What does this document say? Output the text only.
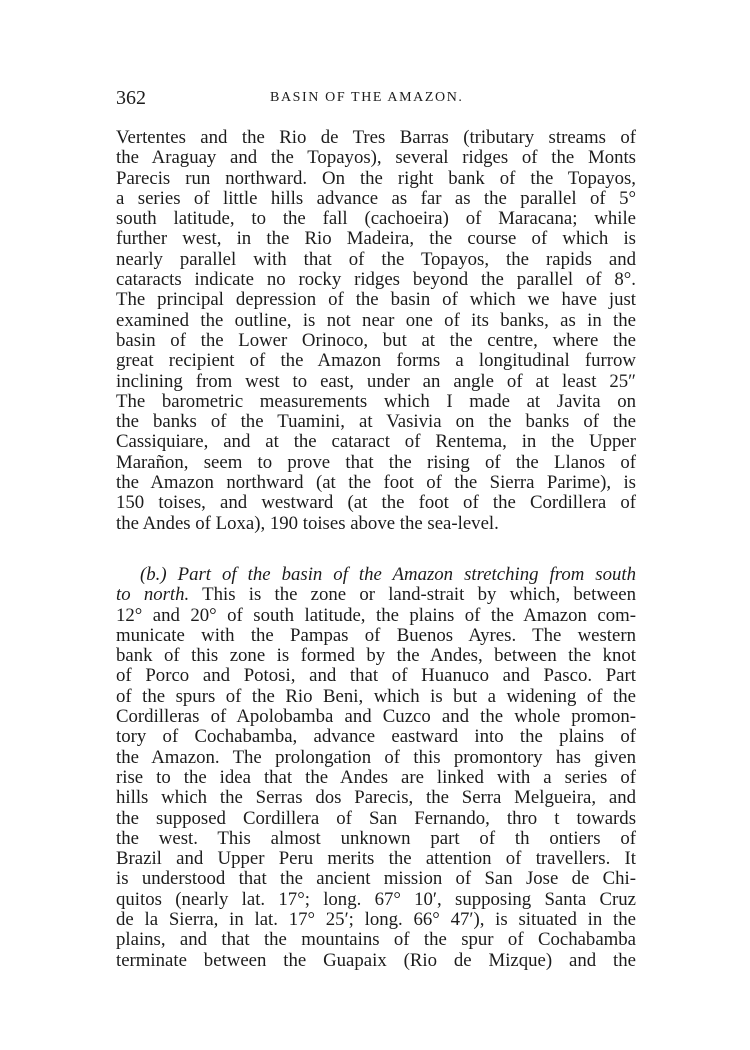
362	BASIN OF THE AMAZON.
Vertentes and the Rio de Tres Barras (tributary streams of
the Araguay and the Topayos), several ridges of the Monts
Parecis run northward. On the right bank of the Topayos,
a series of little hills advance as far as the parallel of 5°
south latitude, to the fall (cachoeira) of Maracana; while
further west, in the Rio Madeira, the course of which is
nearly parallel with that of the Topayos, the rapids and
cataracts indicate no rocky ridges beyond the parallel of 8°.
The principal depression of the basin of which we have just
examined the outline, is not near one of its banks, as in the
basin of the Lower Orinoco, but at the centre, where the
great recipient of the Amazon forms a longitudinal furrow
inclining from west to east, under an angle of at least 25″
The barometric measurements which I made at Javita on
the banks of the Tuamini, at Vasivia on the banks of the
Cassiquiare, and at the cataract of Rentema, in the Upper
Marañon, seem to prove that the rising of the Llanos of
the Amazon northward (at the foot of the Sierra Parime), is
150 toises, and westward (at the foot of the Cordillera of
the Andes of Loxa), 190 toises above the sea-level.
(b.) Part of the basin of the Amazon stretching from south
to north. This is the zone or land-strait by which, between
12° and 20° of south latitude, the plains of the Amazon com-
municate with the Pampas of Buenos Ayres. The western
bank of this zone is formed by the Andes, between the knot
of Porco and Potosi, and that of Huanuco and Pasco. Part
of the spurs of the Rio Beni, which is but a widening of the
Cordilleras of Apolobamba and Cuzco and the whole promon-
tory of Cochabamba, advance eastward into the plains of
the Amazon. The prolongation of this promontory has given
rise to the idea that the Andes are linked with a series of
hills which the Serras dos Parecis, the Serra Melgueira, and
the supposed Cordillera of San Fernando, thro t towards
the west. This almost unknown part of th ontiers of
Brazil and Upper Peru merits the attention of travellers. It
is understood that the ancient mission of San Jose de Chi-
quitos (nearly lat. 17°; long. 67° 10′, supposing Santa Cruz
de la Sierra, in lat. 17° 25′; long. 66° 47′), is situated in the
plains, and that the mountains of the spur of Cochabamba
terminate between the Guapaix (Rio de Mizque) and the
